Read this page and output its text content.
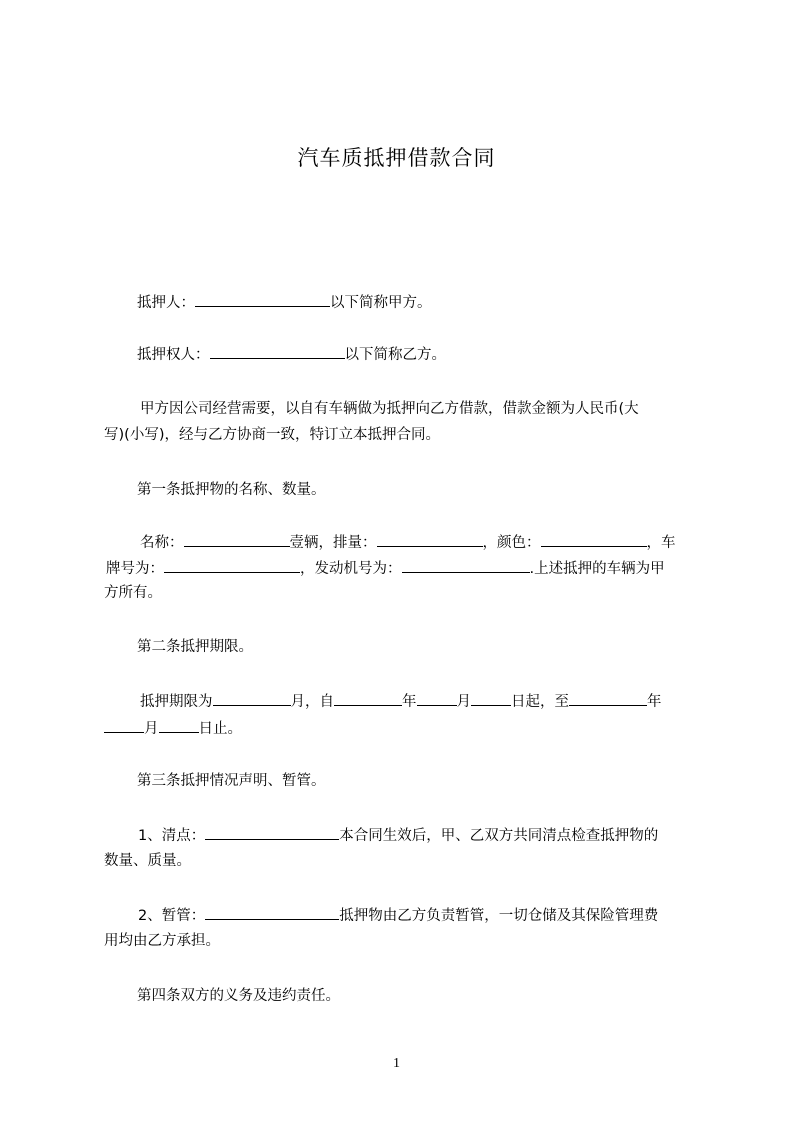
汽车质抵押借款合同
抵押人：	以下简称甲方。
抵押权人：	以下简称乙方。
甲方因公司经营需要，以自有车辆做为抵押向乙方借款，借款金额为人民币(大
写)(小写)，经与乙方协商一致，特订立本抵押合同。
第一条抵押物的名称、数量。
名称：	壹辆，排量：	，颜色：	，车
牌号为：	，发动机号为：	.上述抵押的车辆为甲
方所有。
第二条抵押期限。
抵押期限为	月，自	年	月	日起，至	年
月	日止。
第三条抵押情况声明、暂管。
1、清点：	本合同生效后，甲、乙双方共同清点检查抵押物的
数量、质量。
2、暂管：	抵押物由乙方负责暂管，一切仓储及其保险管理费
用均由乙方承担。
第四条双方的义务及违约责任。
1
